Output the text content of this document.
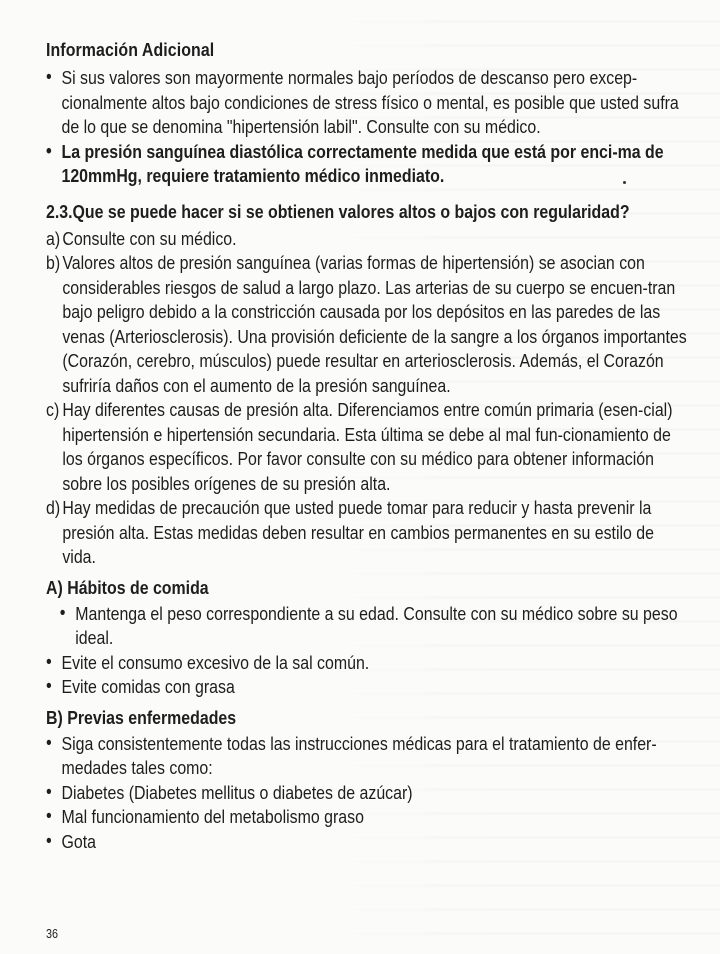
Información Adicional
• Si sus valores son mayormente normales bajo períodos de descanso pero excep-cionalmente altos bajo condiciones de stress físico o mental, es posible que usted sufra de lo que se denomina "hipertensión labil". Consulte con su médico.
• La presión sanguínea diastólica correctamente medida que está por enci-ma de 120mmHg, requiere tratamiento médico inmediato.
2.3.Que se puede hacer si se obtienen valores altos o bajos con regularidad?
a) Consulte con su médico.
b) Valores altos de presión sanguínea (varias formas de hipertensión) se asocian con considerables riesgos de salud a largo plazo. Las arterias de su cuerpo se encuen-tran bajo peligro debido a la constricción causada por los depósitos en las paredes de las venas (Arteriosclerosis). Una provisión deficiente de la sangre a los órganos importantes (Corazón, cerebro, músculos) puede resultar en arteriosclerosis. Además, el Corazón sufriría daños con el aumento de la presión sanguínea.
c) Hay diferentes causas de presión alta. Diferenciamos entre común primaria (esen-cial) hipertensión e hipertensión secundaria. Esta última se debe al mal fun-cionamiento de los órganos específicos. Por favor consulte con su médico para obtener información sobre los posibles orígenes de su presión alta.
d) Hay medidas de precaución que usted puede tomar para reducir y hasta prevenir la presión alta. Estas medidas deben resultar en cambios permanentes en su estilo de vida.
A) Hábitos de comida
• Mantenga el peso correspondiente a su edad. Consulte con su médico sobre su peso ideal.
• Evite el consumo excesivo de la sal común.
• Evite comidas con grasa
B) Previas enfermedades
• Siga consistentemente todas las instrucciones médicas para el tratamiento de enfer-medades tales como:
• Diabetes (Diabetes mellitus o diabetes de azúcar)
• Mal funcionamiento del metabolismo graso
• Gota
36
